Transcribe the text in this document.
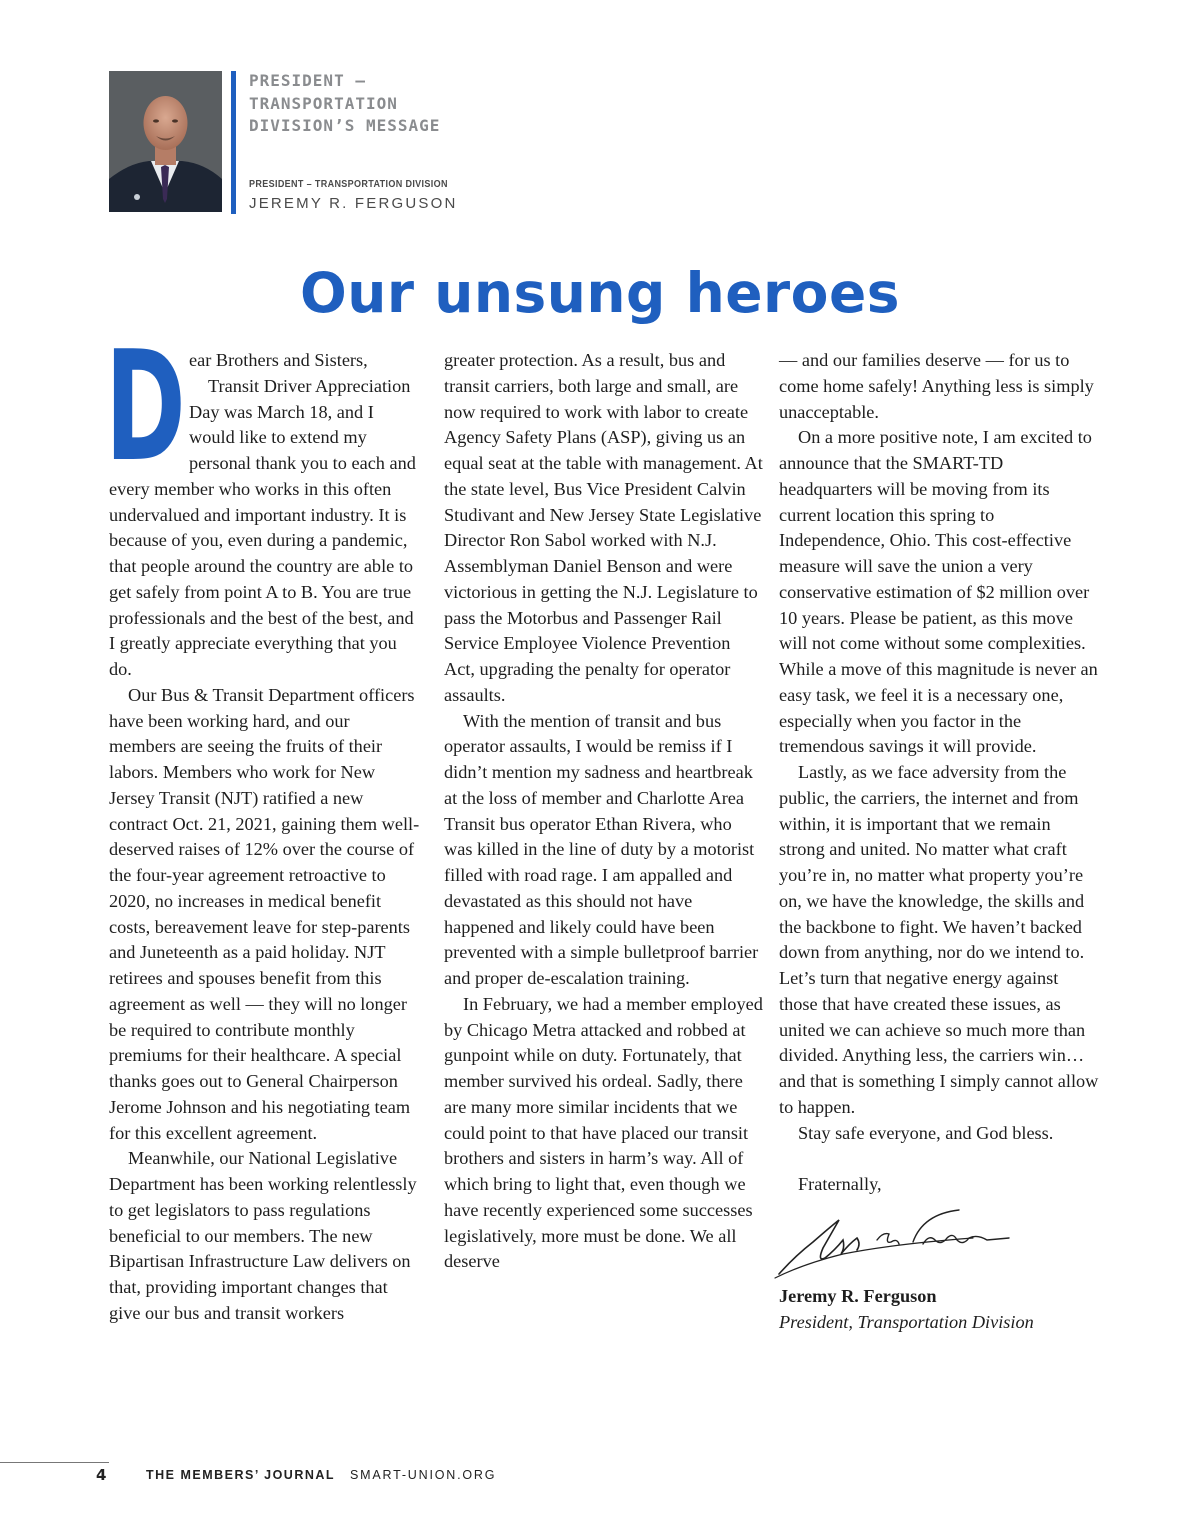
PRESIDENT – TRANSPORTATION DIVISION’S MESSAGE
PRESIDENT – TRANSPORTATION DIVISION
JEREMY R. FERGUSON
Our unsung heroes
D ear Brothers and Sisters,

Transit Driver Appreciation Day was March 18, and I would like to extend my personal thank you to each and every member who works in this often undervalued and important industry. It is because of you, even during a pandemic, that people around the country are able to get safely from point A to B. You are true professionals and the best of the best, and I greatly appreciate everything that you do.

Our Bus & Transit Department officers have been working hard, and our members are seeing the fruits of their labors. Members who work for New Jersey Transit (NJT) ratified a new contract Oct. 21, 2021, gaining them well-deserved raises of 12% over the course of the four-year agreement retroactive to 2020, no increases in medical benefit costs, bereavement leave for step-parents and Juneteenth as a paid holiday. NJT retirees and spouses benefit from this agreement as well — they will no longer be required to contribute monthly premiums for their healthcare. A special thanks goes out to General Chairperson Jerome Johnson and his negotiating team for this excellent agreement.

Meanwhile, our National Legislative Department has been working relentlessly to get legislators to pass regulations beneficial to our members. The new Bipartisan Infrastructure Law delivers on that, providing important changes that give our bus and transit workers

greater protection. As a result, bus and transit carriers, both large and small, are now required to work with labor to create Agency Safety Plans (ASP), giving us an equal seat at the table with management. At the state level, Bus Vice President Calvin Studivant and New Jersey State Legislative Director Ron Sabol worked with N.J. Assemblyman Daniel Benson and were victorious in getting the N.J. Legislature to pass the Motorbus and Passenger Rail Service Employee Violence Prevention Act, upgrading the penalty for operator assaults.

With the mention of transit and bus operator assaults, I would be remiss if I didn’t mention my sadness and heartbreak at the loss of member and Charlotte Area Transit bus operator Ethan Rivera, who was killed in the line of duty by a motorist filled with road rage. I am appalled and devastated as this should not have happened and likely could have been prevented with a simple bulletproof barrier and proper de-escalation training.

In February, we had a member employed by Chicago Metra attacked and robbed at gunpoint while on duty. Fortunately, that member survived his ordeal. Sadly, there are many more similar incidents that we could point to that have placed our transit brothers and sisters in harm’s way. All of which bring to light that, even though we have recently experienced some successes legislatively, more must be done. We all deserve

— and our families deserve — for us to come home safely! Anything less is simply unacceptable.

On a more positive note, I am excited to announce that the SMART-TD headquarters will be moving from its current location this spring to Independence, Ohio. This cost-effective measure will save the union a very conservative estimation of $2 million over 10 years. Please be patient, as this move will not come without some complexities. While a move of this magnitude is never an easy task, we feel it is a necessary one, especially when you factor in the tremendous savings it will provide.

Lastly, as we face adversity from the public, the carriers, the internet and from within, it is important that we remain strong and united. No matter what craft you’re in, no matter what property you’re on, we have the knowledge, the skills and the backbone to fight. We haven’t backed down from anything, nor do we intend to. Let’s turn that negative energy against those that have created these issues, as united we can achieve so much more than divided. Anything less, the carriers win…and that is something I simply cannot allow to happen.

Stay safe everyone, and God bless.

Fraternally,

Jeremy R. Ferguson

President, Transportation Division

4	THE MEMBERS’ JOURNAL SMART-UNION.ORG
